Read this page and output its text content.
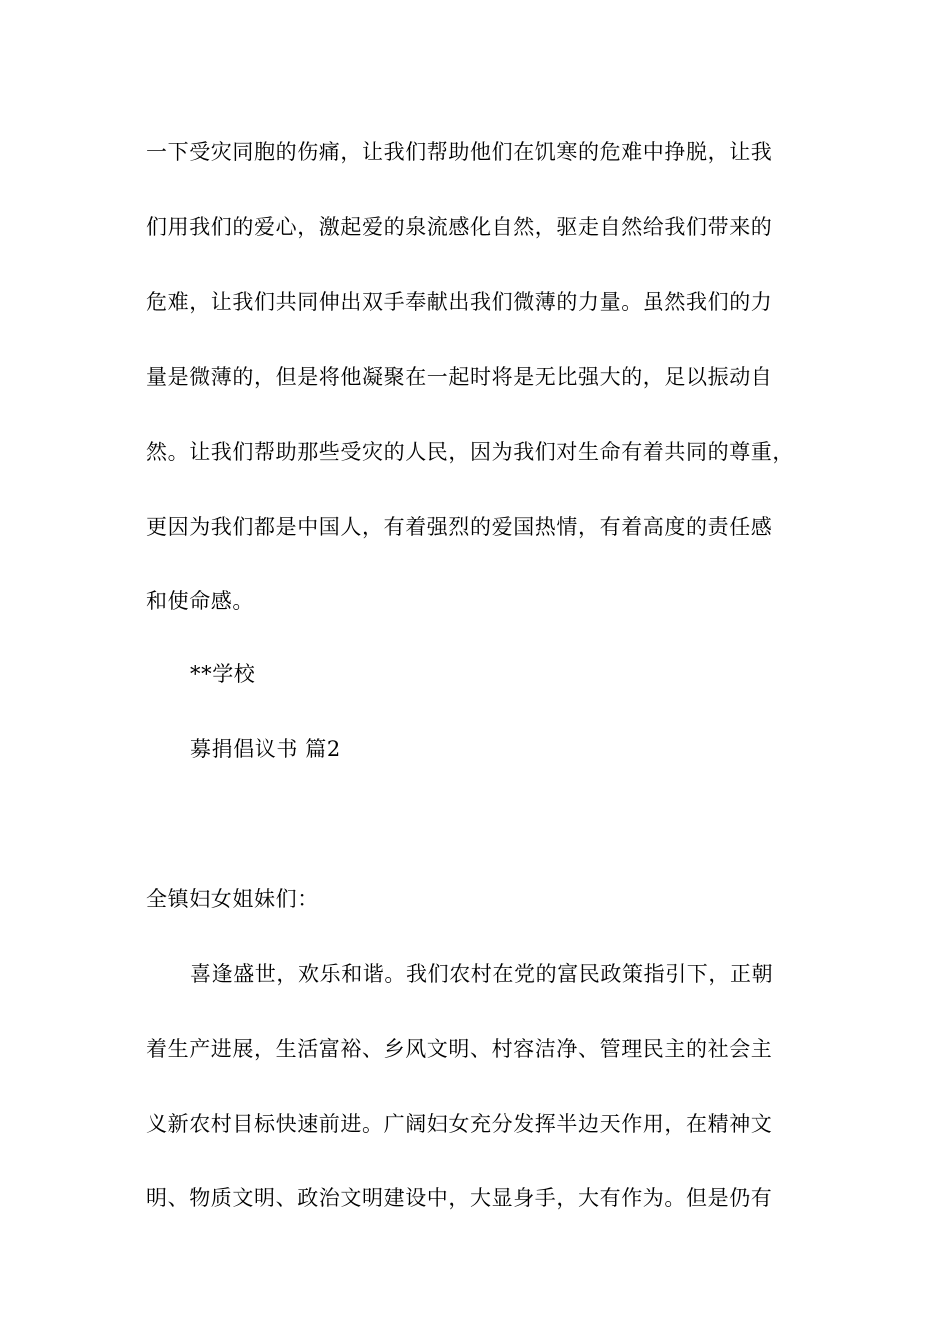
一下受灾同胞的伤痛，让我们帮助他们在饥寒的危难中挣脱，让我
们用我们的爱心，激起爱的泉流感化自然，驱走自然给我们带来的
危难，让我们共同伸出双手奉献出我们微薄的力量。虽然我们的力
量是微薄的，但是将他凝聚在一起时将是无比强大的，足以振动自
然。让我们帮助那些受灾的人民，因为我们对生命有着共同的尊重，
更因为我们都是中国人，有着强烈的爱国热情，有着高度的责任感
和使命感。
**学校
募捐倡议书 篇2
全镇妇女姐妹们：
喜逢盛世，欢乐和谐。我们农村在党的富民政策指引下，正朝
着生产进展，生活富裕、乡风文明、村容洁净、管理民主的社会主
义新农村目标快速前进。广阔妇女充分发挥半边天作用，在精神文
明、物质文明、政治文明建设中，大显身手，大有作为。但是仍有
